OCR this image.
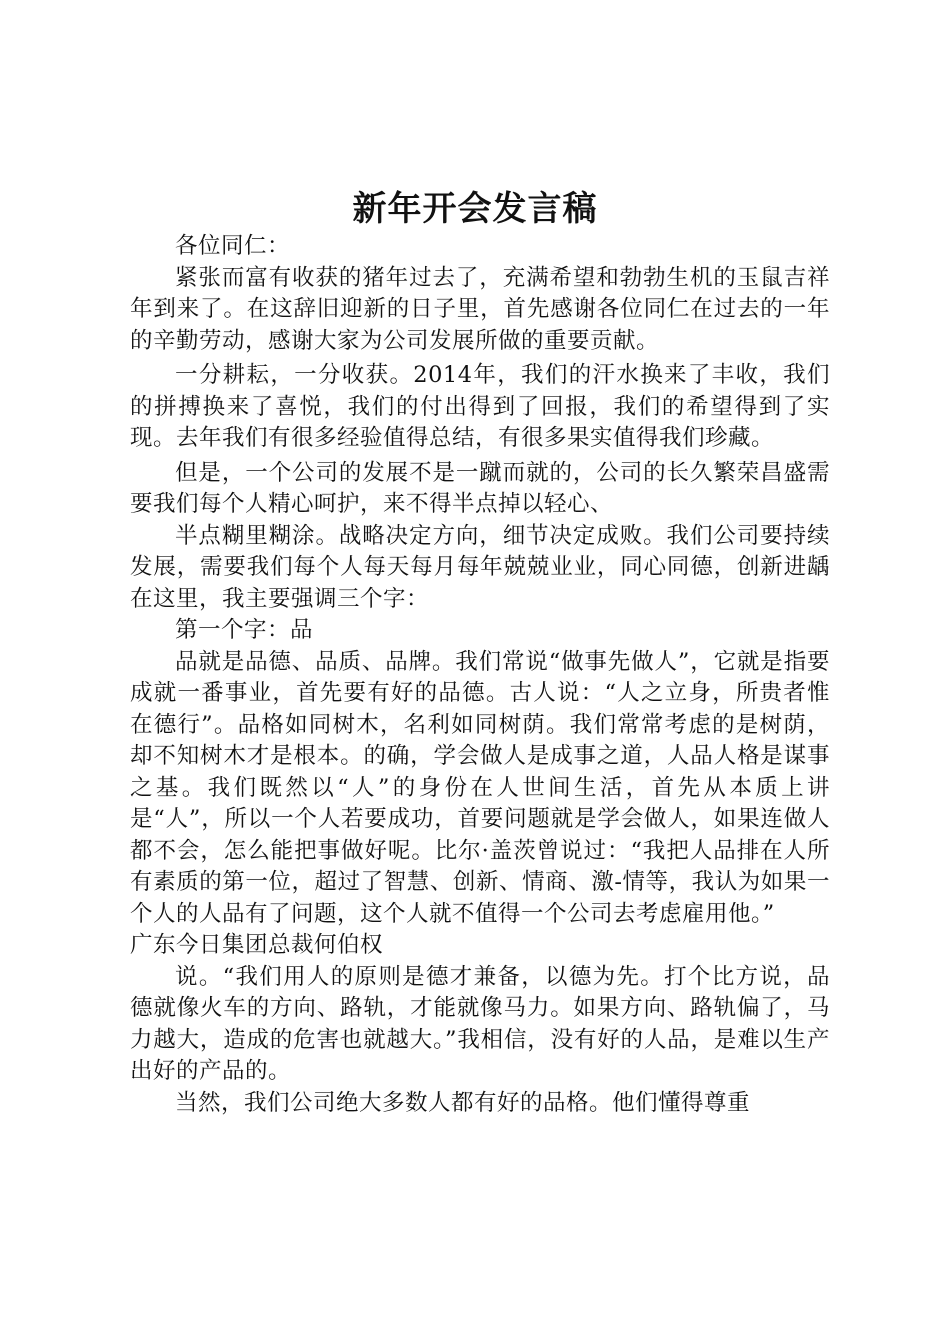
新年开会发言稿

各位同仁：

紧张而富有收获的猪年过去了，充满希望和勃勃生机的玉鼠吉祥年到来了。在这辞旧迎新的日子里，首先感谢各位同仁在过去的一年的辛勤劳动，感谢大家为公司发展所做的重要贡献。

一分耕耘，一分收获。2014年，我们的汗水换来了丰收，我们的拼搏换来了喜悦，我们的付出得到了回报，我们的希望得到了实现。去年我们有很多经验值得总结，有很多果实值得我们珍藏。

但是，一个公司的发展不是一蹴而就的，公司的长久繁荣昌盛需要我们每个人精心呵护，来不得半点掉以轻心、

半点糊里糊涂。战略决定方向，细节决定成败。我们公司要持续发展，需要我们每个人每天每月每年兢兢业业，同心同德，创新进龋在这里，我主要强调三个字：

第一个字：品

品就是品德、品质、品牌。我们常说“做事先做人”，它就是指要成就一番事业，首先要有好的品德。古人说：“人之立身，所贵者惟在德行”。品格如同树木，名利如同树荫。我们常常考虑的是树荫，却不知树木才是根本。的确，学会做人是成事之道，人品人格是谋事之基。我们既然以“人”的身份在人世间生活，首先从本质上讲是“人”，所以一个人若要成功，首要问题就是学会做人，如果连做人都不会，怎么能把事做好呢。比尔·盖茨曾说过：“我把人品排在人所有素质的第一位，超过了智慧、创新、情商、激-情等，我认为如果一个人的人品有了问题，这个人就不值得一个公司去考虑雇用他。”

广东今日集团总裁何伯权

说。“我们用人的原则是德才兼备，以德为先。打个比方说，品德就像火车的方向、路轨，才能就像马力。如果方向、路轨偏了，马力越大，造成的危害也就越大。”我相信，没有好的人品，是难以生产出好的产品的。

当然，我们公司绝大多数人都有好的品格。他们懂得尊重
